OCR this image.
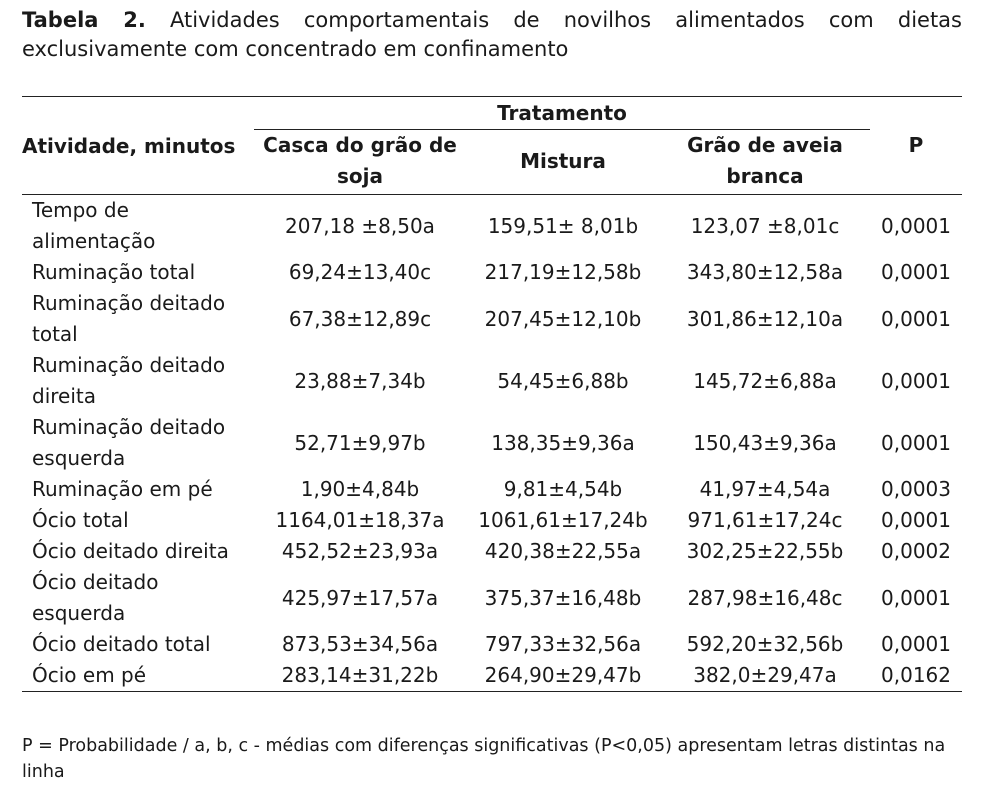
Tabela 2. Atividades comportamentais de novilhos alimentados com dietas exclusivamente com concentrado em confinamento
Atividade, minutos	Tratamento			P
	Casca do grão de soja	Mistura	Grão de aveia branca	
Tempo de alimentação	207,18 ±8,50a	159,51± 8,01b	123,07 ±8,01c	0,0001
Ruminação total	69,24±13,40c	217,19±12,58b	343,80±12,58a	0,0001
Ruminação deitado total	67,38±12,89c	207,45±12,10b	301,86±12,10a	0,0001
Ruminação deitado direita	23,88±7,34b	54,45±6,88b	145,72±6,88a	0,0001
Ruminação deitado esquerda	52,71±9,97b	138,35±9,36a	150,43±9,36a	0,0001
Ruminação em pé	1,90±4,84b	9,81±4,54b	41,97±4,54a	0,0003
Ócio total	1164,01±18,37a	1061,61±17,24b	971,61±17,24c	0,0001
Ócio deitado direita	452,52±23,93a	420,38±22,55a	302,25±22,55b	0,0002
Ócio deitado esquerda	425,97±17,57a	375,37±16,48b	287,98±16,48c	0,0001
Ócio deitado total	873,53±34,56a	797,33±32,56a	592,20±32,56b	0,0001
Ócio em pé	283,14±31,22b	264,90±29,47b	382,0±29,47a	0,0162
P = Probabilidade / a, b, c - médias com diferenças significativas (P<0,05) apresentam letras distintas na linha
